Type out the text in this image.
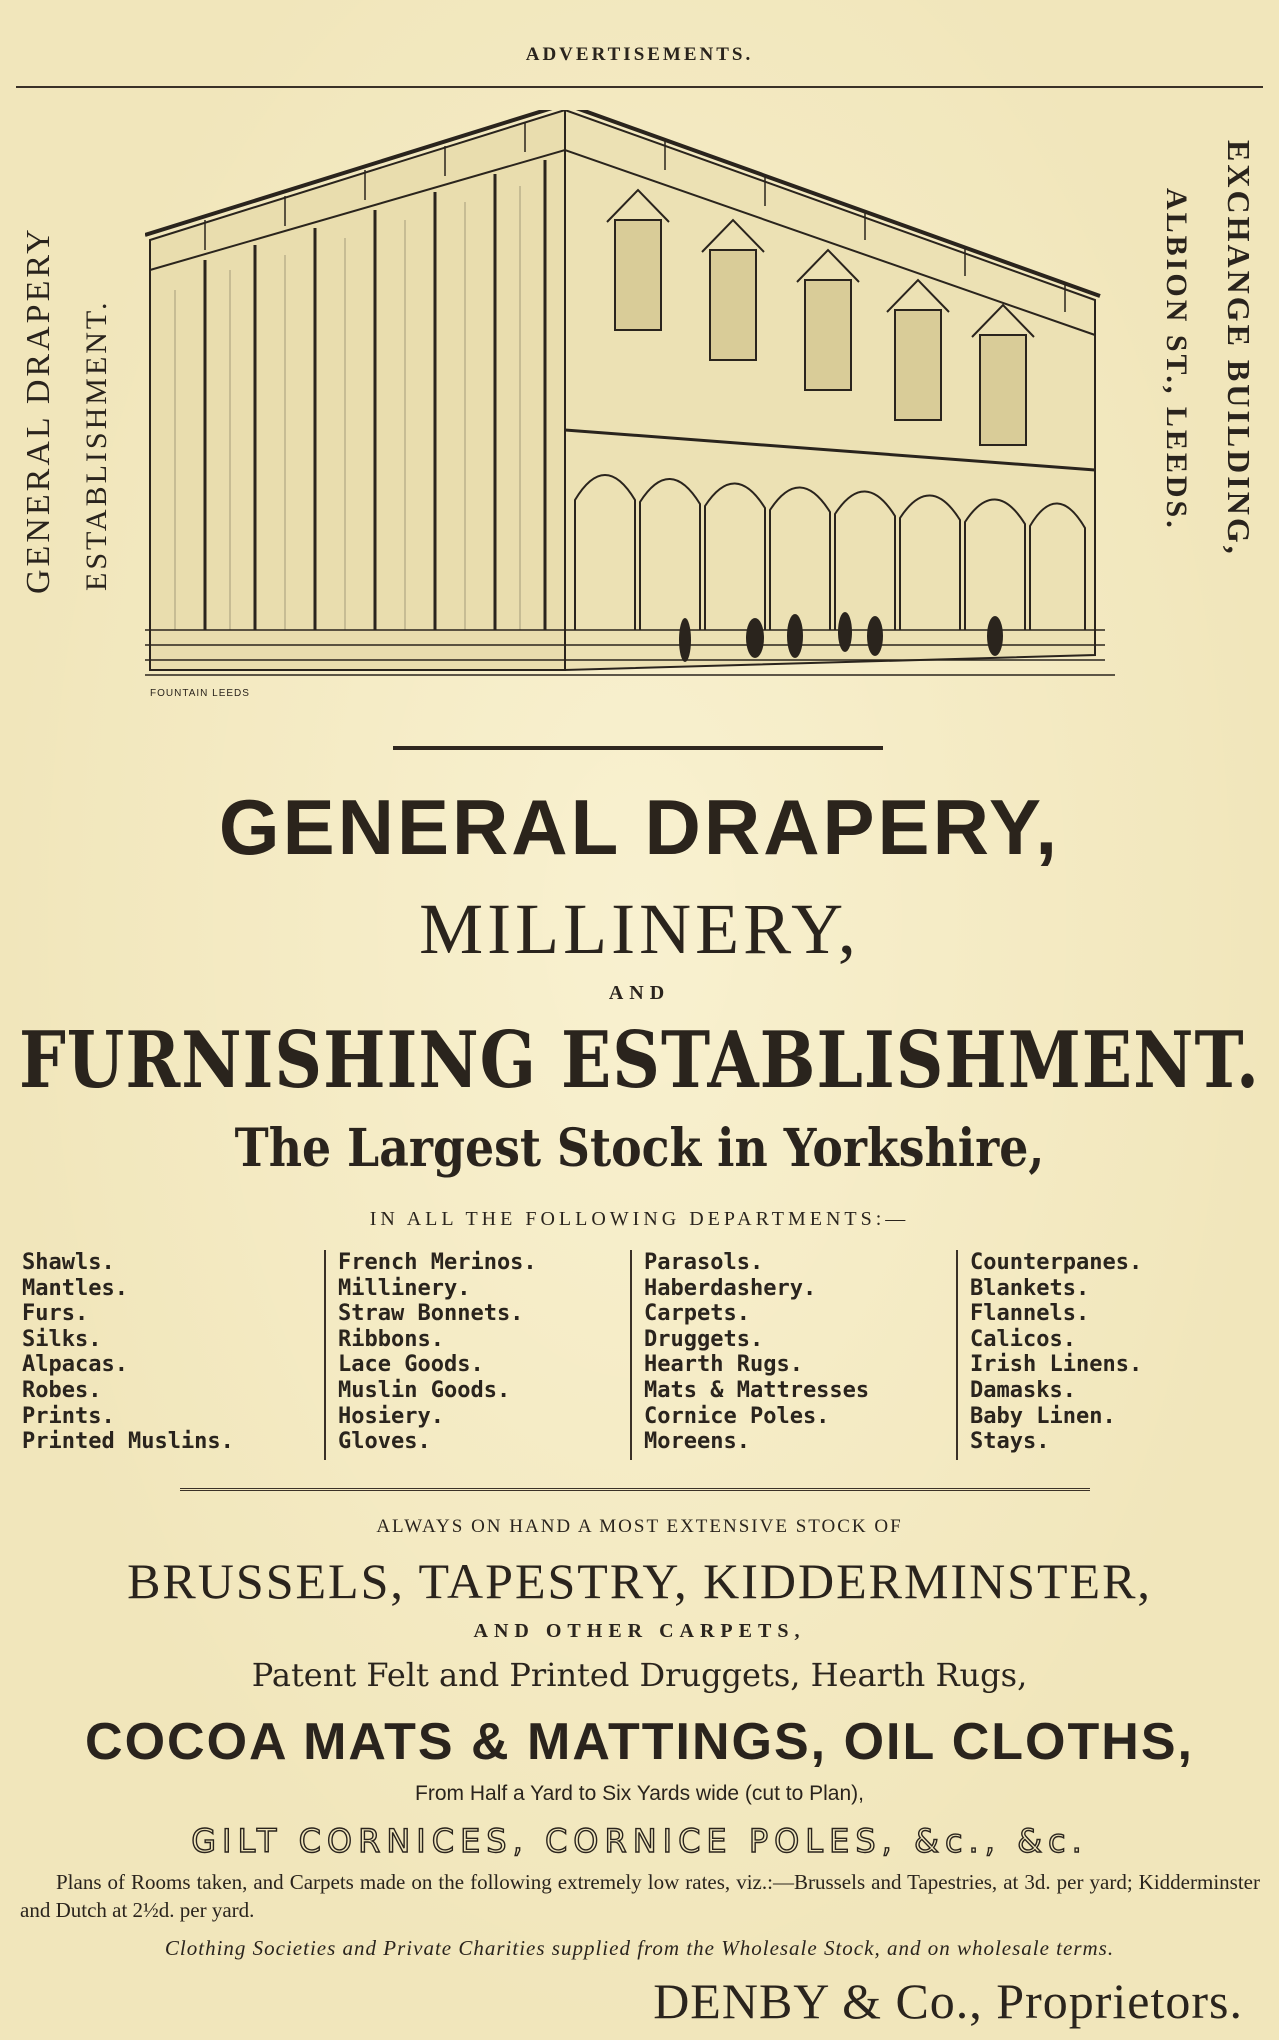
ADVERTISEMENTS.
GENERAL DRAPERY ESTABLISHMENT.	EXCHANGE BUILDING,
ALBION ST., LEEDS.
FOUNTAIN LEEDS
GENERAL DRAPERY,
MILLINERY,
AND
FURNISHING ESTABLISHMENT.
The Largest Stock in Yorkshire,
IN ALL THE FOLLOWING DEPARTMENTS:—
Shawls.
Mantles.
Furs.
Silks.
Alpacas.
Robes.
Prints.
Printed Muslins.
French Merinos.
Millinery.
Straw Bonnets.
Ribbons.
Lace Goods.
Muslin Goods.
Hosiery.
Gloves.
Parasols.
Haberdashery.
Carpets.
Druggets.
Hearth Rugs.
Mats & Mattresses
Cornice Poles.
Moreens.
Counterpanes.
Blankets.
Flannels.
Calicos.
Irish Linens.
Damasks.
Baby Linen.
Stays.
ALWAYS ON HAND A MOST EXTENSIVE STOCK OF
BRUSSELS, TAPESTRY, KIDDERMINSTER,
AND OTHER CARPETS,
Patent Felt and Printed Druggets, Hearth Rugs,
COCOA MATS & MATTINGS, OIL CLOTHS,
From Half a Yard to Six Yards wide (cut to Plan),
GILT CORNICES, CORNICE POLES, &c., &c.
Plans of Rooms taken, and Carpets made on the following extremely low rates, viz.:—Brussels and Tapestries, at 3d. per yard; Kidderminster and Dutch at 2½d. per yard.
Clothing Societies and Private Charities supplied from the Wholesale Stock, and on wholesale terms.
DENBY & Co., Proprietors.
